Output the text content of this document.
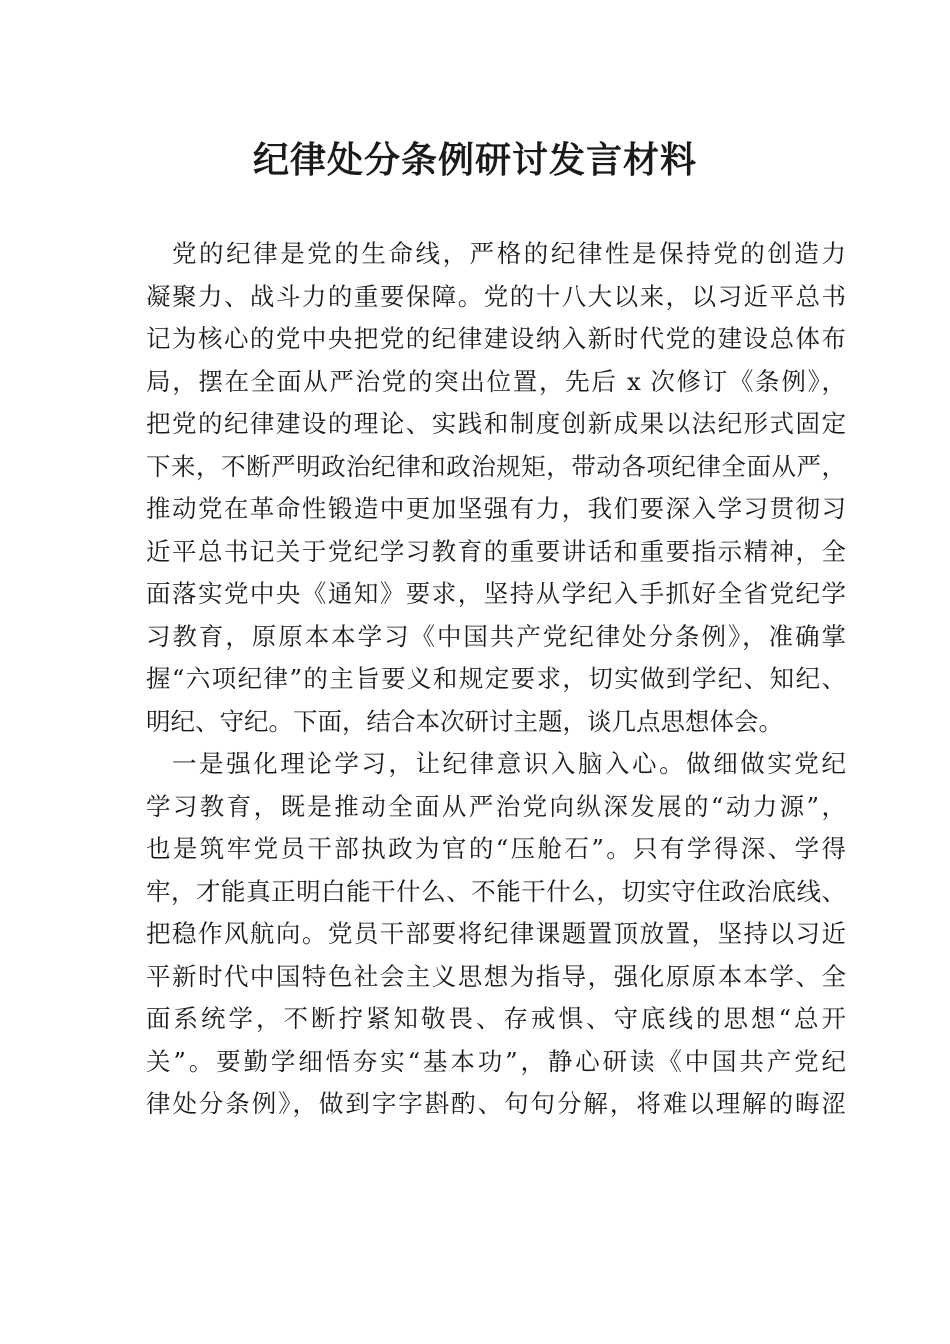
纪律处分条例研讨发言材料
党的纪律是党的生命线，严格的纪律性是保持党的创造力
凝聚力、战斗力的重要保障。党的十八大以来，以习近平总书
记为核心的党中央把党的纪律建设纳入新时代党的建设总体布
局，摆在全面从严治党的突出位置，先后 x 次修订《条例》，
把党的纪律建设的理论、实践和制度创新成果以法纪形式固定
下来，不断严明政治纪律和政治规矩，带动各项纪律全面从严，
推动党在革命性锻造中更加坚强有力，我们要深入学习贯彻习
近平总书记关于党纪学习教育的重要讲话和重要指示精神，全
面落实党中央《通知》要求，坚持从学纪入手抓好全省党纪学
习教育，原原本本学习《中国共产党纪律处分条例》，准确掌
握“六项纪律”的主旨要义和规定要求，切实做到学纪、知纪、
明纪、守纪。下面，结合本次研讨主题，谈几点思想体会。
一是强化理论学习，让纪律意识入脑入心。做细做实党纪
学习教育，既是推动全面从严治党向纵深发展的“动力源”，
也是筑牢党员干部执政为官的“压舱石”。只有学得深、学得
牢，才能真正明白能干什么、不能干什么，切实守住政治底线、
把稳作风航向。党员干部要将纪律课题置顶放置，坚持以习近
平新时代中国特色社会主义思想为指导，强化原原本本学、全
面系统学，不断拧紧知敬畏、存戒惧、守底线的思想“总开
关”。要勤学细悟夯实“基本功”，静心研读《中国共产党纪
律处分条例》，做到字字斟酌、句句分解，将难以理解的晦涩
